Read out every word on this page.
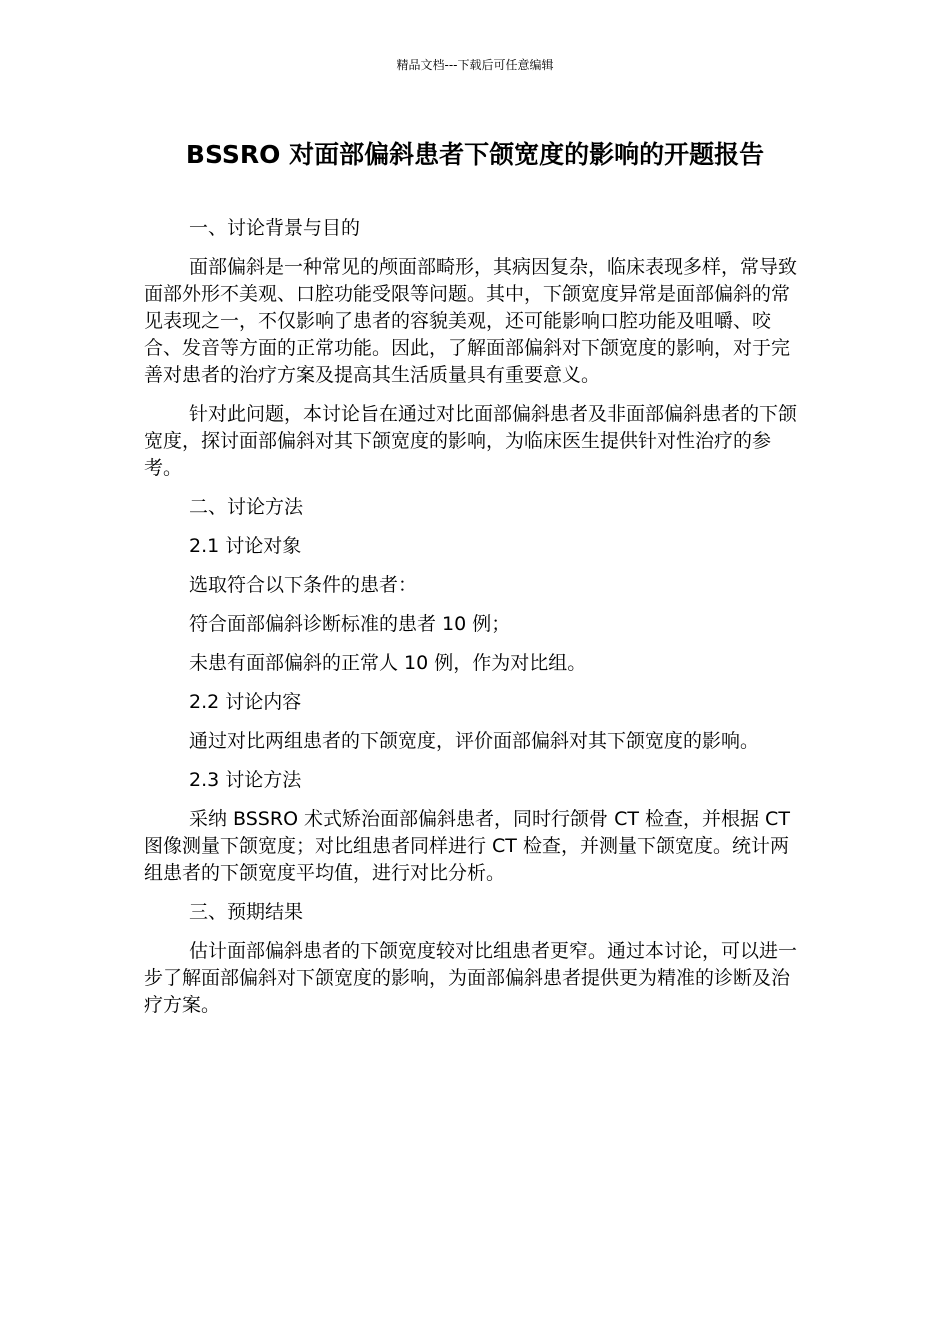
精品文档---下载后可任意编辑
BSSRO 对面部偏斜患者下颌宽度的影响的开题报告

一、讨论背景与目的

面部偏斜是一种常见的颅面部畸形，其病因复杂，临床表现多样，常导致面部外形不美观、口腔功能受限等问题。其中，下颌宽度异常是面部偏斜的常见表现之一，不仅影响了患者的容貌美观，还可能影响口腔功能及咀嚼、咬合、发音等方面的正常功能。因此，了解面部偏斜对下颌宽度的影响，对于完善对患者的治疗方案及提高其生活质量具有重要意义。

针对此问题，本讨论旨在通过对比面部偏斜患者及非面部偏斜患者的下颌宽度，探讨面部偏斜对其下颌宽度的影响，为临床医生提供针对性治疗的参考。

二、讨论方法

2.1 讨论对象

选取符合以下条件的患者：

符合面部偏斜诊断标准的患者 10 例；

未患有面部偏斜的正常人 10 例，作为对比组。

2.2 讨论内容

通过对比两组患者的下颌宽度，评价面部偏斜对其下颌宽度的影响。

2.3 讨论方法

采纳 BSSRO 术式矫治面部偏斜患者，同时行颌骨 CT 检查，并根据 CT 图像测量下颌宽度；对比组患者同样进行 CT 检查，并测量下颌宽度。统计两组患者的下颌宽度平均值，进行对比分析。

三、预期结果

估计面部偏斜患者的下颌宽度较对比组患者更窄。通过本讨论，可以进一步了解面部偏斜对下颌宽度的影响，为面部偏斜患者提供更为精准的诊断及治疗方案。
